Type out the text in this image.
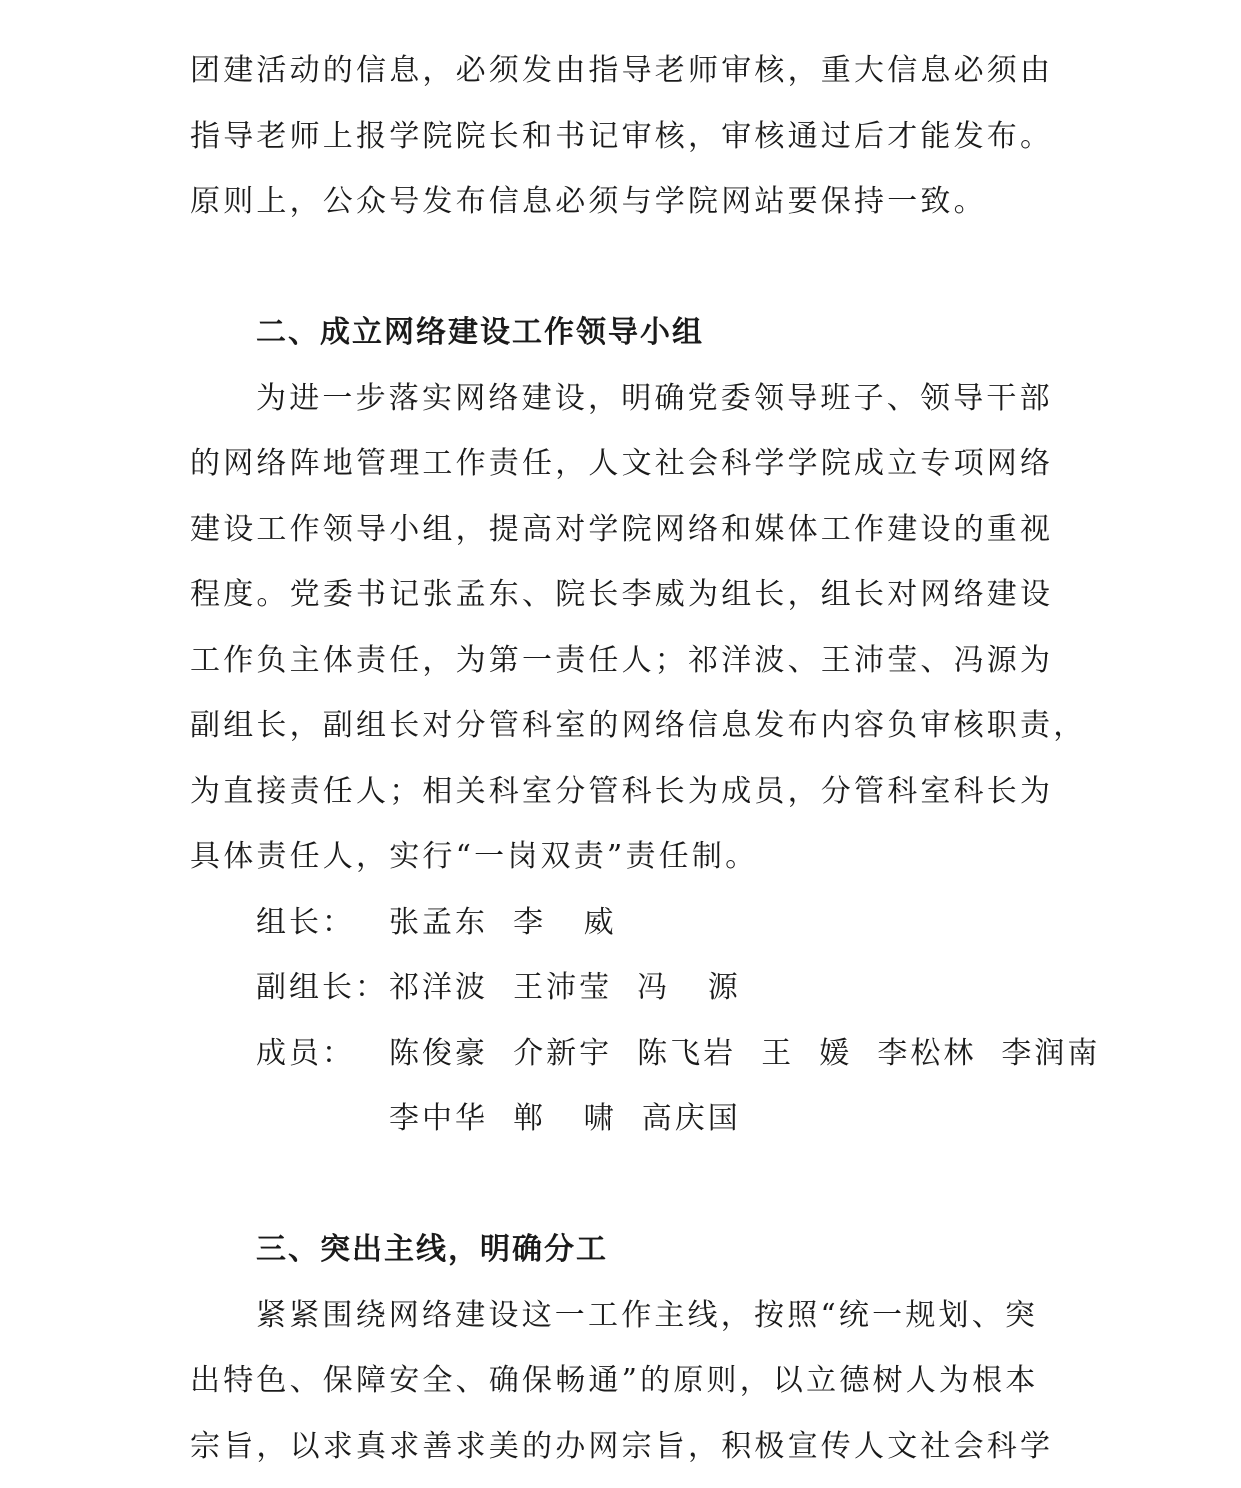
团建活动的信息，必须发由指导老师审核，重大信息必须由

指导老师上报学院院长和书记审核，审核通过后才能发布。

原则上，公众号发布信息必须与学院网站要保持一致。

二、成立网络建设工作领导小组

为进一步落实网络建设，明确党委领导班子、领导干部

的网络阵地管理工作责任，人文社会科学学院成立专项网络

建设工作领导小组，提高对学院网络和媒体工作建设的重视

程度。党委书记张孟东、院长李威为组长，组长对网络建设

工作负主体责任，为第一责任人；祁洋波、王沛莹、冯源为

副组长，副组长对分管科室的网络信息发布内容负审核职责，

为直接责任人；相关科室分管科长为成员，分管科室科长为

具体责任人，实行“一岗双责”责任制。

组长：	张孟东  李   威
副组长： 祁洋波  王沛莹  冯   源
成员：	陈俊豪  介新宇  陈飞岩  王  媛  李松林  李润南
李中华  郸   啸  高庆国
三、突出主线，明确分工

紧紧围绕网络建设这一工作主线，按照“统一规划、突

出特色、保障安全、确保畅通”的原则，以立德树人为根本

宗旨，以求真求善求美的办网宗旨，积极宣传人文社会科学
